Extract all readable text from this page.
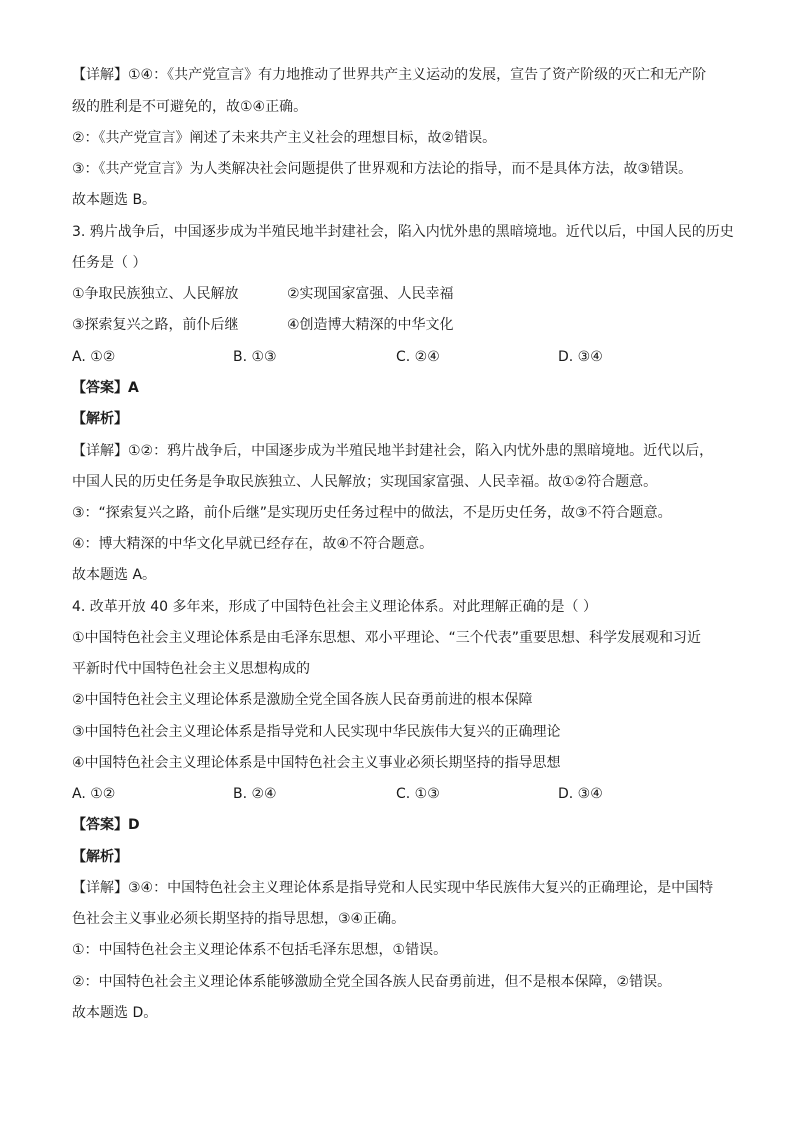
【详解】①④：《共产党宣言》有力地推动了世界共产主义运动的发展，宣告了资产阶级的灭亡和无产阶
级的胜利是不可避免的，故①④正确。
②：《共产党宣言》阐述了未来共产主义社会的理想目标，故②错误。
③：《共产党宣言》为人类解决社会问题提供了世界观和方法论的指导，而不是具体方法，故③错误。
故本题选 B。
3. 鸦片战争后，中国逐步成为半殖民地半封建社会，陷入内忧外患的黑暗境地。近代以后，中国人民的历史
任务是（ ）
①争取民族独立、人民解放	②实现国家富强、人民幸福
③探索复兴之路，前仆后继	④创造博大精深的中华文化
A. ①②	B. ①③	C. ②④	D. ③④
【答案】A
【解析】
【详解】①②：鸦片战争后，中国逐步成为半殖民地半封建社会，陷入内忧外患的黑暗境地。近代以后，
中国人民的历史任务是争取民族独立、人民解放；实现国家富强、人民幸福。故①②符合题意。
③：“探索复兴之路，前仆后继”是实现历史任务过程中的做法，不是历史任务，故③不符合题意。
④：博大精深的中华文化早就已经存在，故④不符合题意。
故本题选 A。
4. 改革开放 40 多年来，形成了中国特色社会主义理论体系。对此理解正确的是（ ）
①中国特色社会主义理论体系是由毛泽东思想、邓小平理论、“三个代表”重要思想、科学发展观和习近
平新时代中国特色社会主义思想构成的
②中国特色社会主义理论体系是激励全党全国各族人民奋勇前进的根本保障
③中国特色社会主义理论体系是指导党和人民实现中华民族伟大复兴的正确理论
④中国特色社会主义理论体系是中国特色社会主义事业必须长期坚持的指导思想
A. ①②	B. ②④	C. ①③	D. ③④
【答案】D
【解析】
【详解】③④：中国特色社会主义理论体系是指导党和人民实现中华民族伟大复兴的正确理论，是中国特
色社会主义事业必须长期坚持的指导思想，③④正确。
①：中国特色社会主义理论体系不包括毛泽东思想，①错误。
②：中国特色社会主义理论体系能够激励全党全国各族人民奋勇前进，但不是根本保障，②错误。
故本题选 D。
